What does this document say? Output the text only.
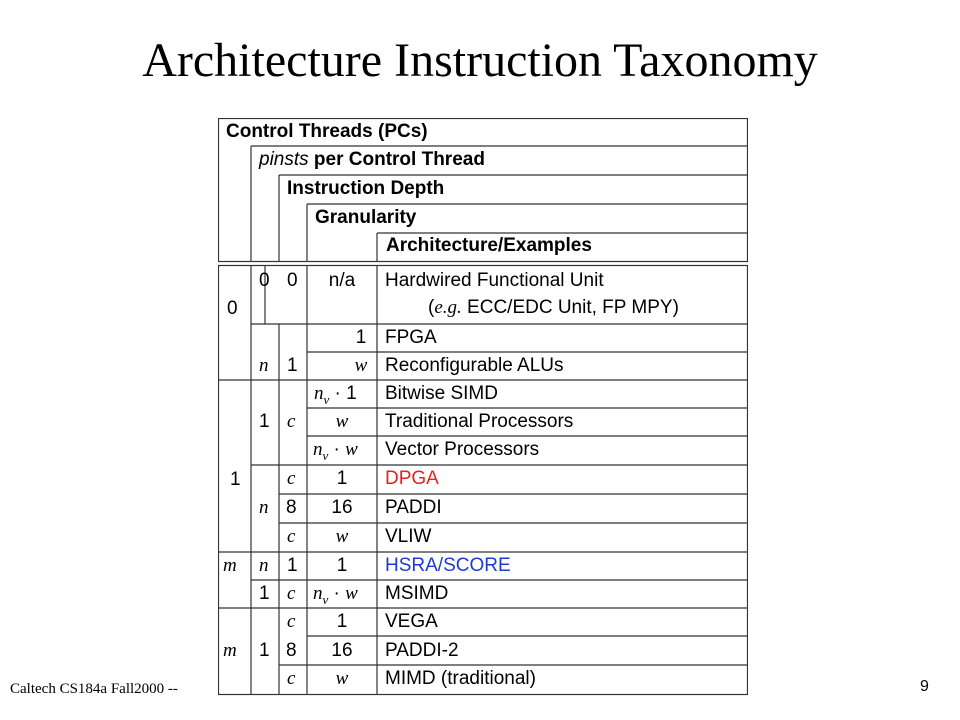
Architecture Instruction Taxonomy
Control Threads (PCs)
pinsts per Control Thread
Instruction Depth
Granularity
Architecture/Examples
0
0 0 n/a Hardwired Functional Unit
(e.g. ECC/EDC Unit, FP MPY)
n 1
1 FPGA
w Reconfigurable ALUs
1
1 c
$n_v \cdot 1$ Bitwise SIMD
w Traditional Processors
$n_v \cdot w$ Vector Processors
n
c 1 DPGA
8 16 PADDI
c w VLIW
m n 1 1 HSRA/SCORE
1 c $n_v \cdot w$ MSIMD
m 1
c 1 VEGA
8 16 PADDI-2
c w MIMD (traditional)
Caltech CS184a Fall2000 --	9
